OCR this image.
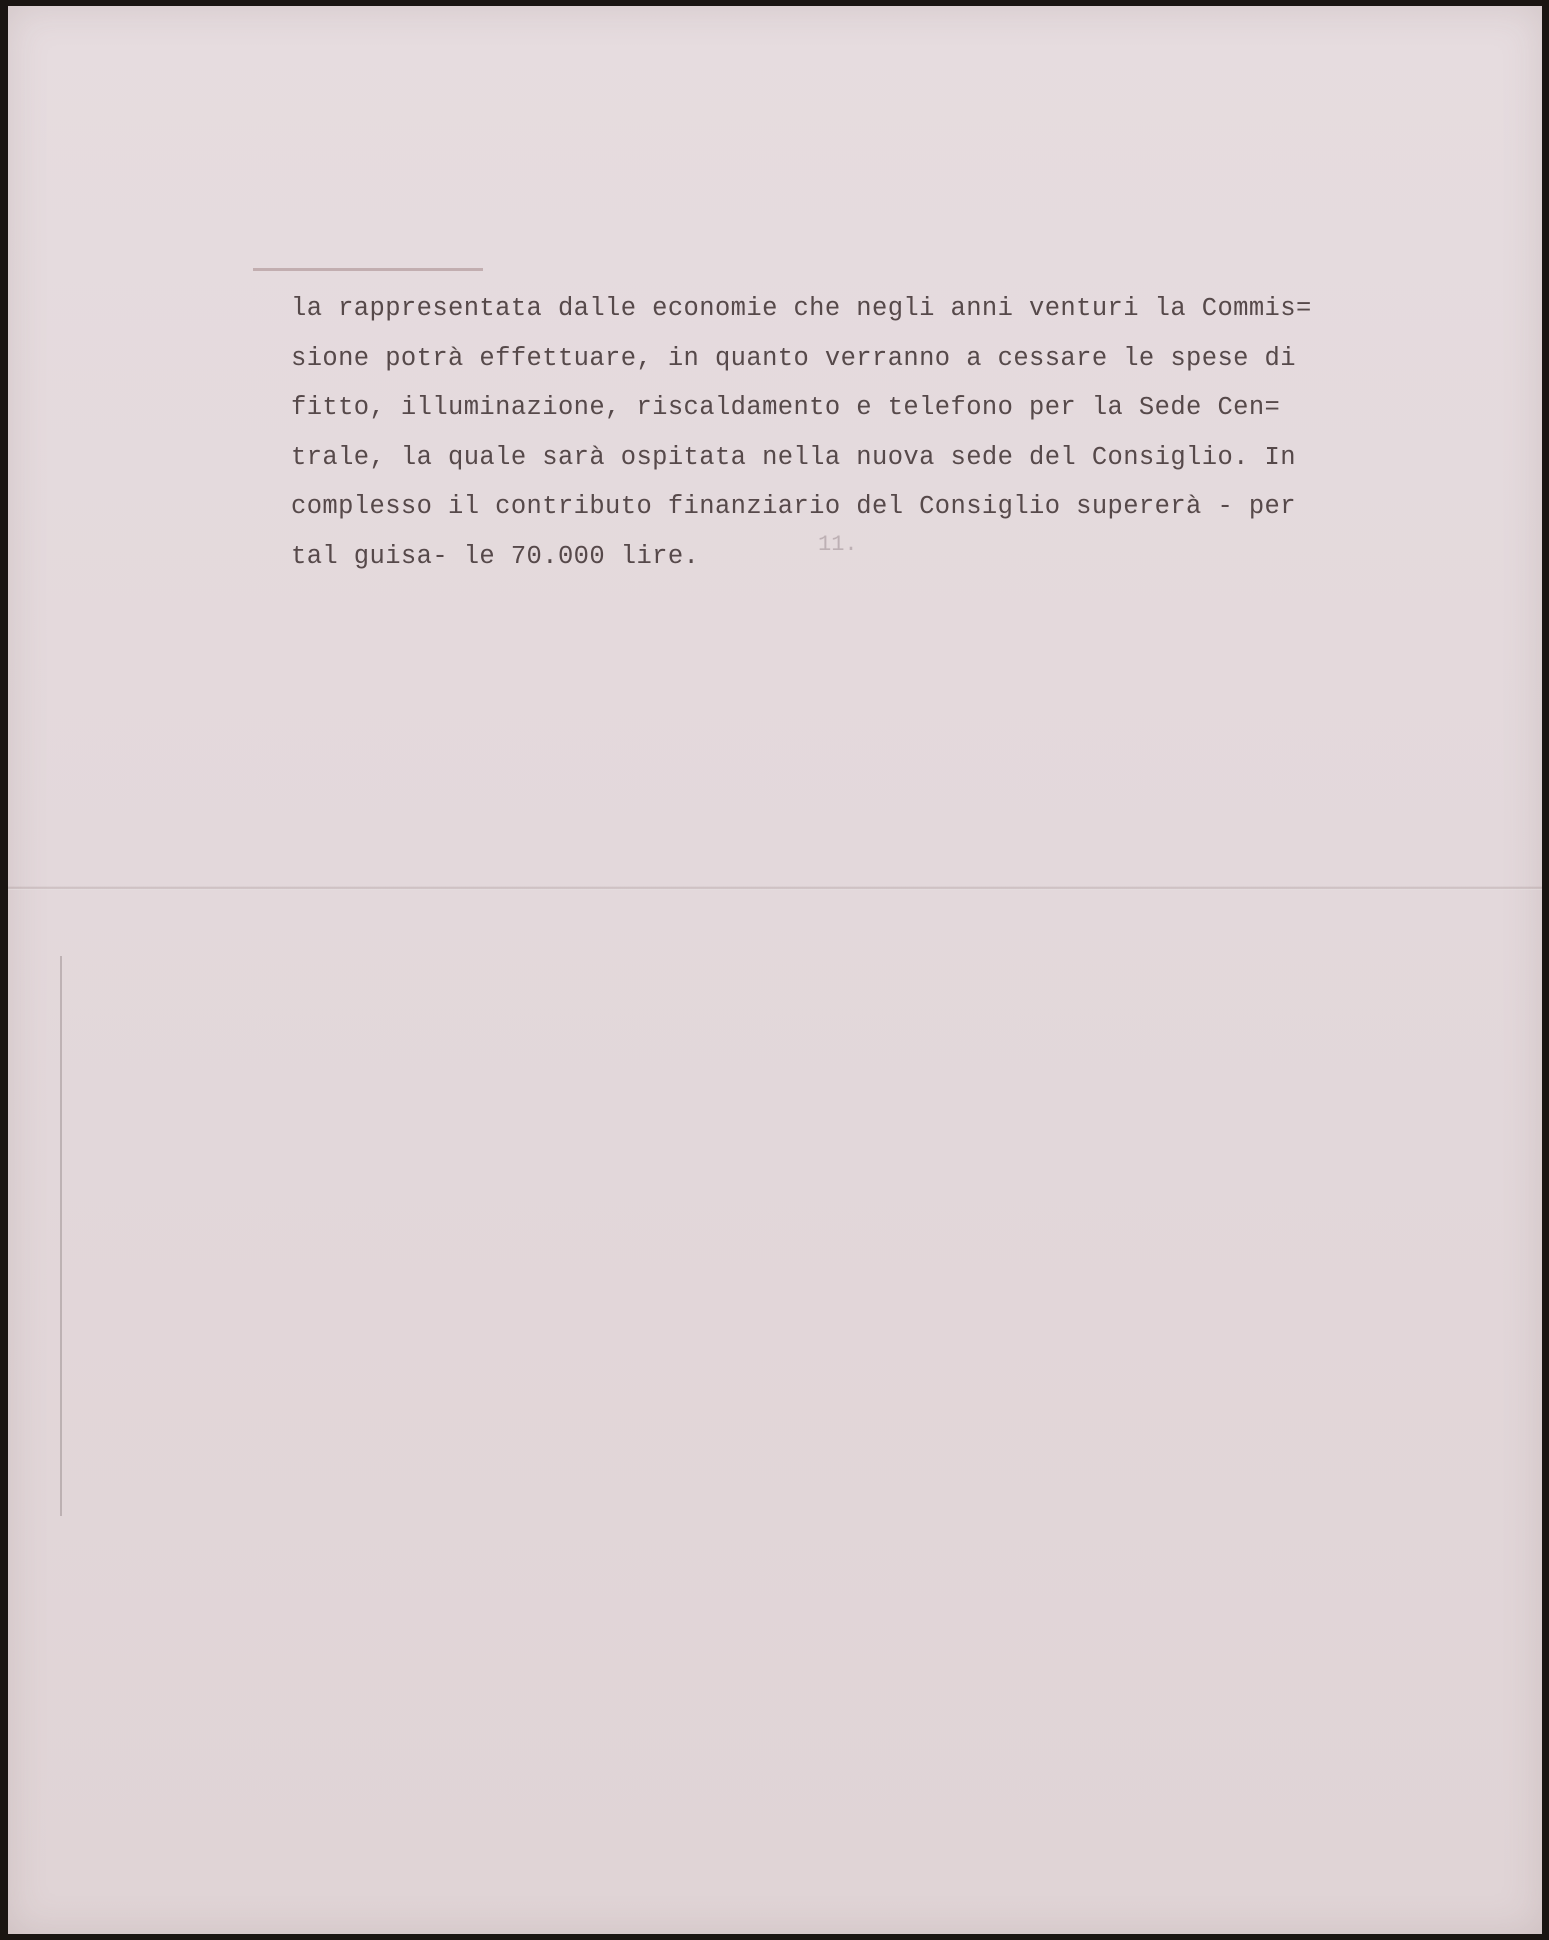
la rappresentata dalle economie che negli anni venturi la Commis=
sione potrà effettuare, in quanto verranno a cessare le spese di
fitto, illuminazione, riscaldamento e telefono per la Sede Cen=
trale, la quale sarà ospitata nella nuova sede del Consiglio. In
complesso il contributo finanziario del Consiglio supererà - per
tal guisa- le 70.000 lire.	11.
